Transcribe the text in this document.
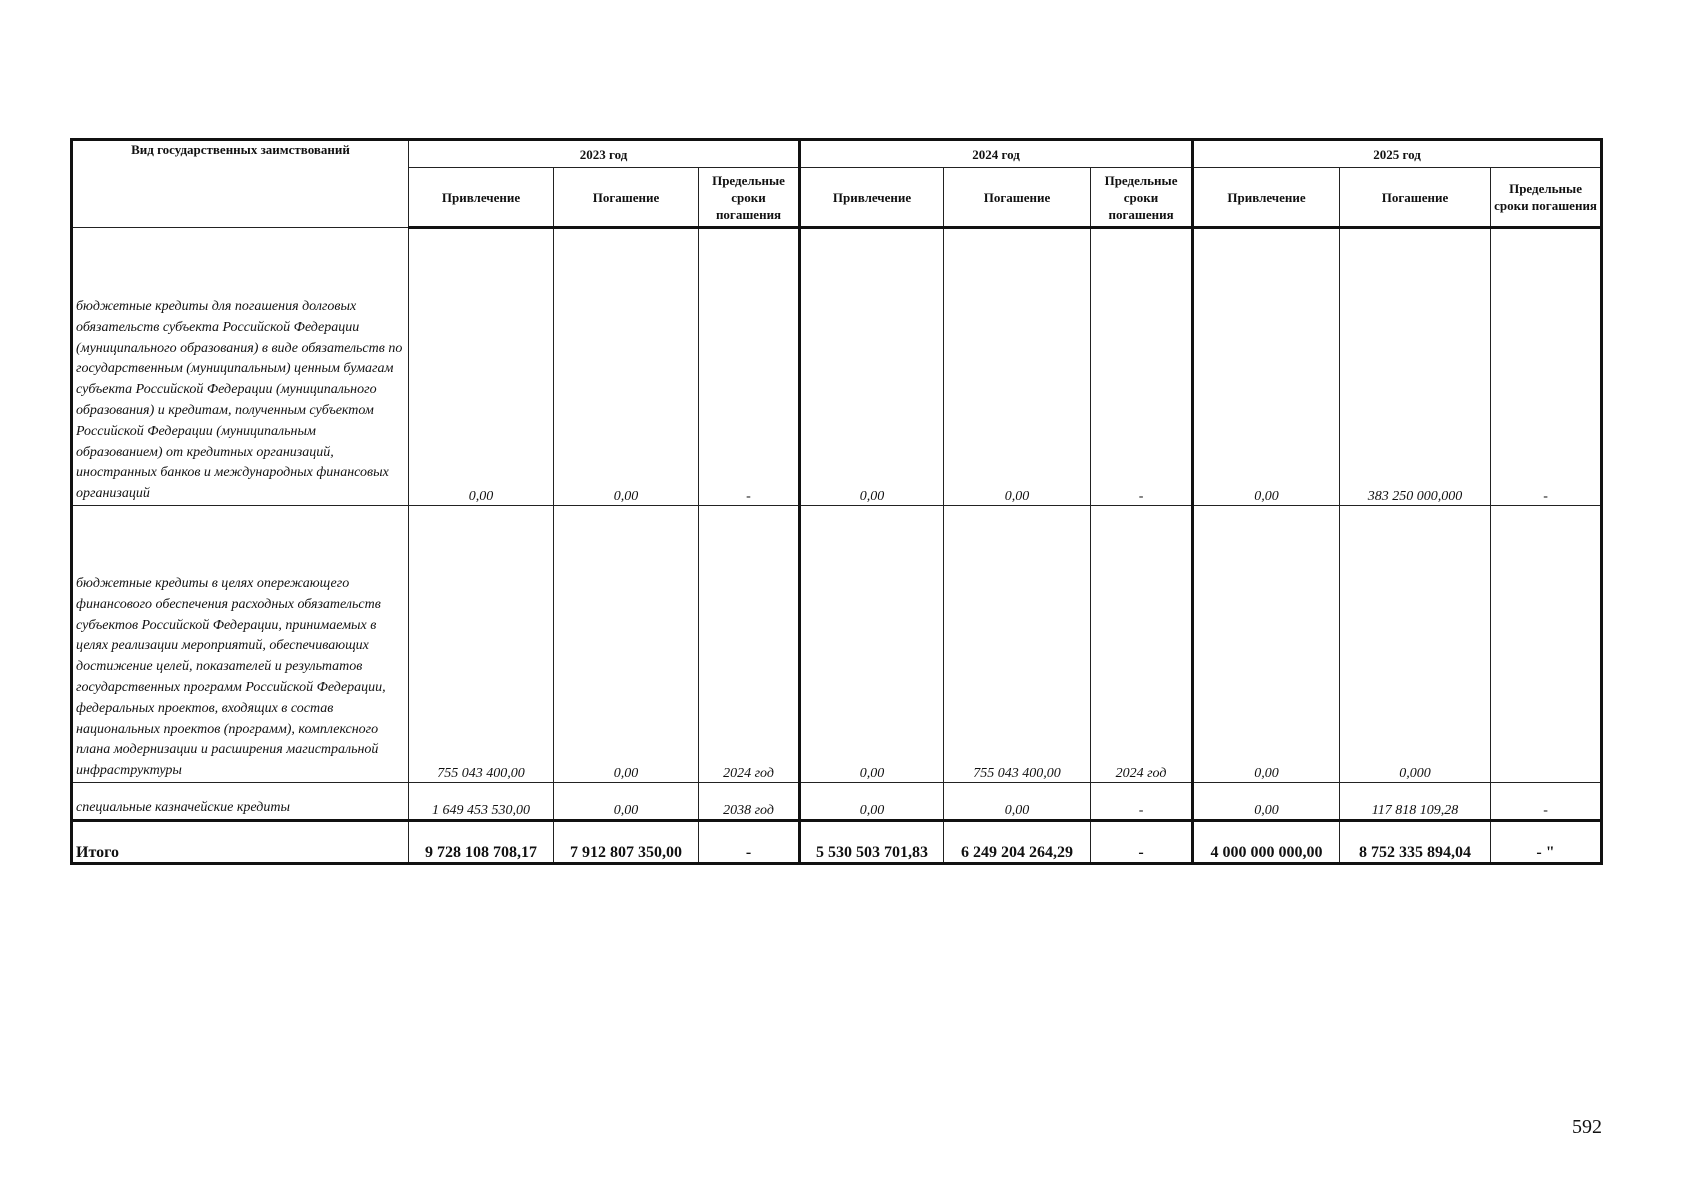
Вид государственных заимствований	2023 год			2024 год			2025 год		
	Привлечение	Погашение	Предельные сроки погашения	Привлечение	Погашение	Предельные сроки погашения	Привлечение	Погашение	Предельные сроки погашения
бюджетные кредиты для погашения долговых обязательств субъекта Российской Федерации (муниципального образования) в виде обязательств по государственным (муниципальным) ценным бумагам субъекта Российской Федерации (муниципального образования) и кредитам, полученным субъектом Российской Федерации (муниципальным образованием) от кредитных организаций, иностранных банков и международных финансовых организаций	0,00	0,00	-	0,00	0,00	-	0,00	383 250 000,000	-
бюджетные кредиты в целях опережающего финансового обеспечения расходных обязательств субъектов Российской Федерации, принимаемых в целях реализации мероприятий, обеспечивающих достижение целей, показателей и результатов государственных программ Российской Федерации, федеральных проектов, входящих в состав национальных проектов (программ), комплексного плана модернизации и расширения магистральной инфраструктуры	755 043 400,00	0,00	2024 год	0,00	755 043 400,00	2024 год	0,00	0,000	
специальные казначейские кредиты	1 649 453 530,00	0,00	2038 год	0,00	0,00	-	0,00	117 818 109,28	-
Итого	9 728 108 708,17	7 912 807 350,00	-	5 530 503 701,83	6 249 204 264,29	-	4 000 000 000,00	8 752 335 894,04	- "
592
